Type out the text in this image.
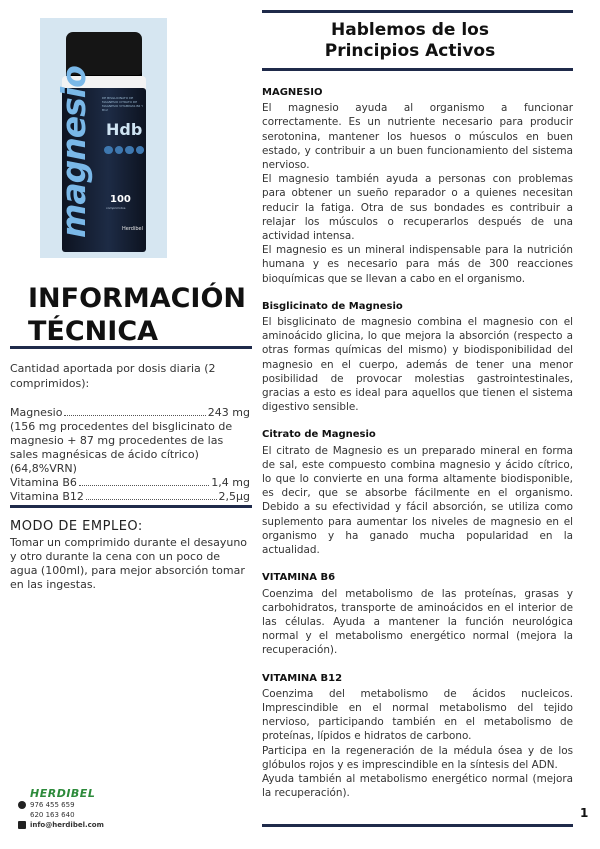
DE BISGLICINATO DE MAGNESIO CITRATO DE MAGNESIO VITAMINAS B6 Y B12
Hdb
magnesio 100
comprimidos
Herdibel
INFORMACIÓN
TÉCNICA
Cantidad aportada por dosis diaria (2 comprimidos):
Magnesio	243 mg
(156 mg procedentes del bisglicinato de magnesio + 87 mg procedentes de las sales magnésicas de ácido cítrico) (64,8%VRN)
Vitamina B6	1,4 mg
Vitamina B12	2,5µg
MODO DE EMPLEO:
Tomar un comprimido durante el desayuno y otro durante la cena con un poco de agua (100ml), para mejor absorción tomar en las ingestas.
Hablemos de los
Principios Activos
MAGNESIO

El magnesio ayuda al organismo a funcionar correctamente. Es un nutriente necesario para producir serotonina, mantener los huesos o músculos en buen estado, y contribuir a un buen funcionamiento del sistema nervioso.

El magnesio también ayuda a personas con problemas para obtener un sueño reparador o a quienes necesitan reducir la fatiga. Otra de sus bondades es contribuir a relajar los músculos o recuperarlos después de una actividad intensa.

El magnesio es un mineral indispensable para la nutrición humana y es necesario para más de 300 reacciones bioquímicas que se llevan a cabo en el organismo.

Bisglicinato de Magnesio

El bisglicinato de magnesio combina el magnesio con el aminoácido glicina, lo que mejora la absorción (respecto a otras formas químicas del mismo) y biodisponibilidad del magnesio en el cuerpo, además de tener una menor posibilidad de provocar molestias gastrointestinales, gracias a esto es ideal para aquellos que tienen el sistema digestivo sensible.

Citrato de Magnesio

El citrato de Magnesio es un preparado mineral en forma de sal, este compuesto combina magnesio y ácido cítrico, lo que lo convierte en una forma altamente biodisponible, es decir, que se absorbe fácilmente en el organismo. Debido a su efectividad y fácil absorción, se utiliza como suplemento para aumentar los niveles de magnesio en el organismo y ha ganado mucha popularidad en la actualidad.

VITAMINA B6

Coenzima del metabolismo de las proteínas, grasas y carbohidratos, transporte de aminoácidos en el interior de las células. Ayuda a mantener la función neurológica normal y el metabolismo energético normal (mejora la recuperación).

VITAMINA B12

Coenzima del metabolismo de ácidos nucleicos. Imprescindible en el normal metabolismo del tejido nervioso, participando también en el metabolismo de proteínas, lípidos e hidratos de carbono.

Participa en la regeneración de la médula ósea y de los glóbulos rojos y es imprescindible en la síntesis del ADN.

Ayuda también al metabolismo energético normal (mejora la recuperación).

HERDIBEL
976 455 659
620 163 640
info@herdibel.com
1
